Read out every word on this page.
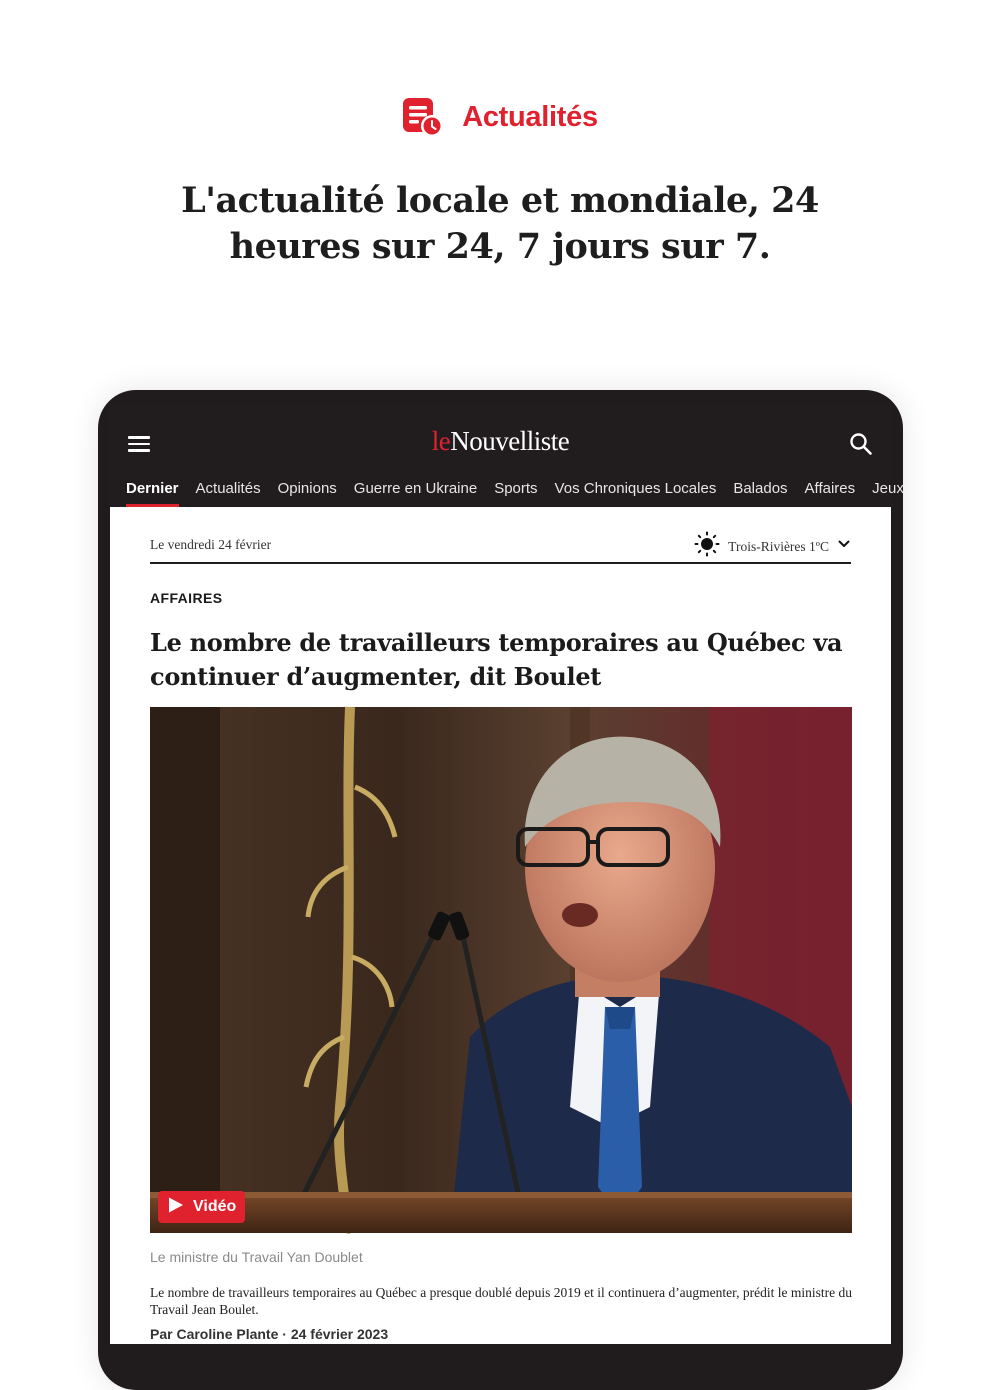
Actualités
L'actualité locale et mondiale, 24 heures sur 24, 7 jours sur 7.
leNouvelliste
Dernier Actualités Opinions Guerre en Ukraine Sports Vos Chroniques Locales Balados Affaires Jeux
Le vendredi 24 février	Trois-Rivières 1ºC
AFFAIRES
Le nombre de travailleurs temporaires au Québec va continuer d’augmenter, dit Boulet
Vidéo
Le ministre du Travail Yan Doublet
Le nombre de travailleurs temporaires au Québec a presque doublé depuis 2019 et il continuera d’augmenter, prédit le ministre du Travail Jean Boulet.
Par Caroline Plante · 24 février 2023
